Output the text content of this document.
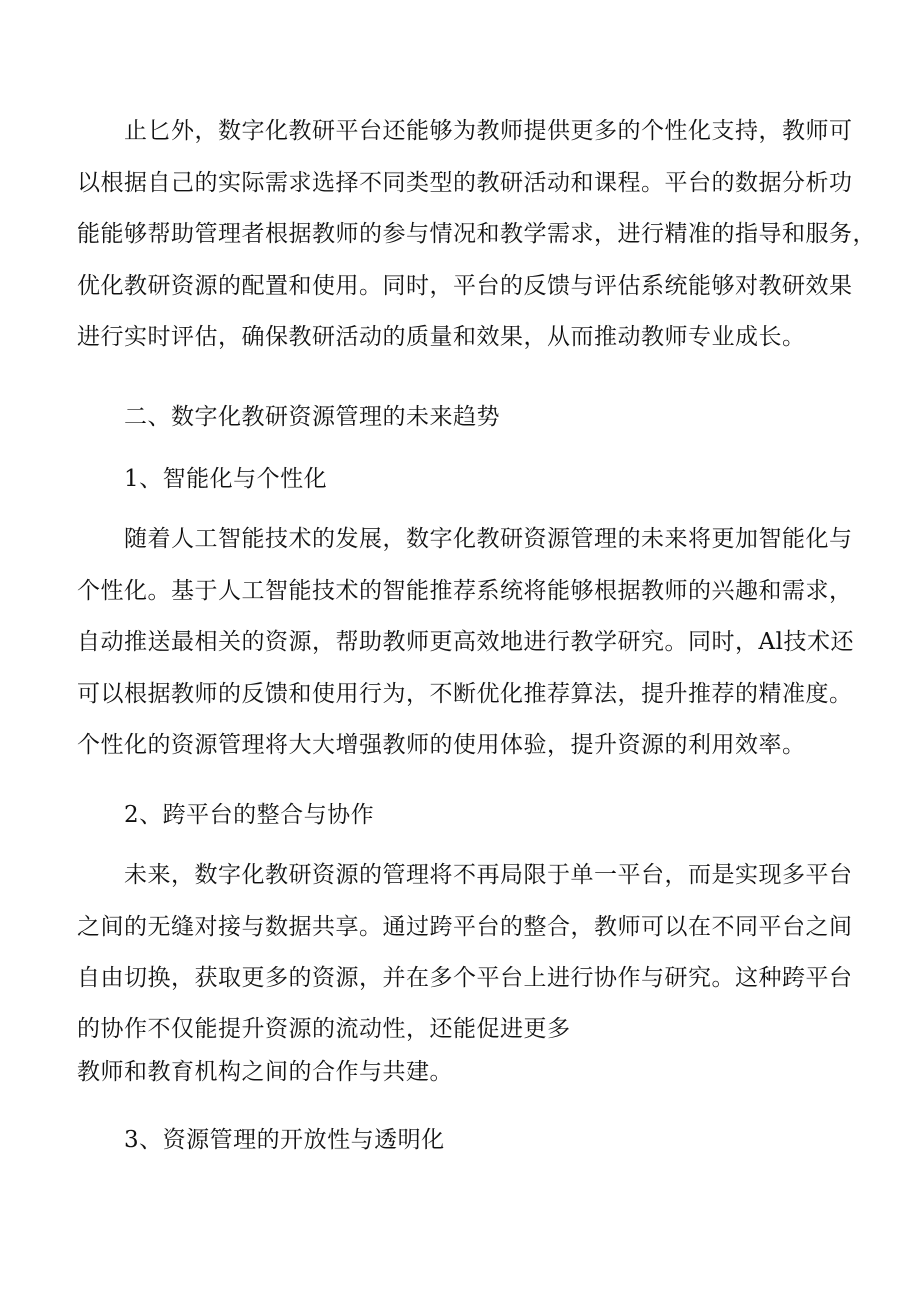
止匕外，数字化教研平台还能够为教师提供更多的个性化支持，教师可
以根据自己的实际需求选择不同类型的教研活动和课程。平台的数据分析功
能能够帮助管理者根据教师的参与情况和教学需求，进行精准的指导和服务，
优化教研资源的配置和使用。同时，平台的反馈与评估系统能够对教研效果
进行实时评估，确保教研活动的质量和效果，从而推动教师专业成长。
二、数字化教研资源管理的未来趋势
1、智能化与个性化
随着人工智能技术的发展，数字化教研资源管理的未来将更加智能化与
个性化。基于人工智能技术的智能推荐系统将能够根据教师的兴趣和需求，
自动推送最相关的资源，帮助教师更高效地进行教学研究。同时，Al技术还
可以根据教师的反馈和使用行为，不断优化推荐算法，提升推荐的精准度。
个性化的资源管理将大大增强教师的使用体验，提升资源的利用效率。
2、跨平台的整合与协作
未来，数字化教研资源的管理将不再局限于单一平台，而是实现多平台
之间的无缝对接与数据共享。通过跨平台的整合，教师可以在不同平台之间
自由切换，获取更多的资源，并在多个平台上进行协作与研究。这种跨平台
的协作不仅能提升资源的流动性，还能促进更多
教师和教育机构之间的合作与共建。
3、资源管理的开放性与透明化
